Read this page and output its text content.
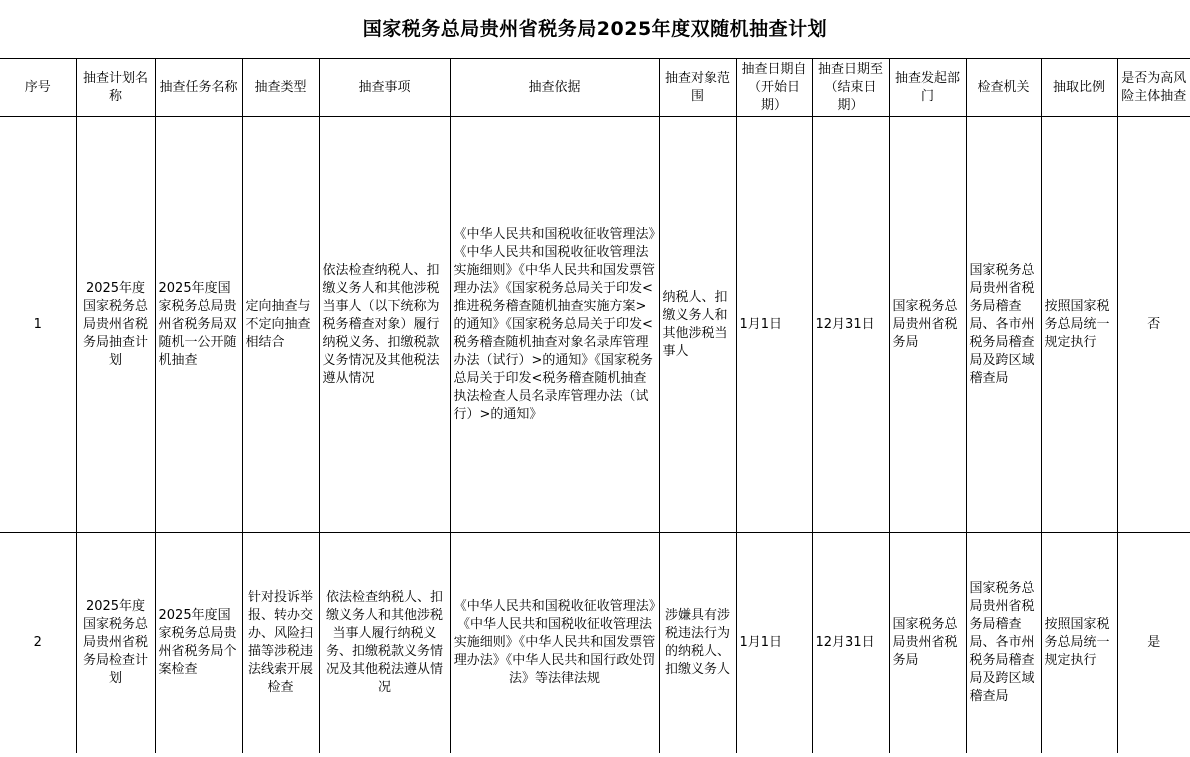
国家税务总局贵州省税务局2025年度双随机抽查计划
序号	抽查计划名称	抽查任务名称	抽查类型	抽查事项	抽查依据	抽查对象范围	抽查日期自（开始日期）	抽查日期至（结束日期）	抽查发起部门	检查机关	抽取比例	是否为高风险主体抽查
1	2025年度国家税务总局贵州省税务局抽查计划	2025年度国家税务总局贵州省税务局双随机一公开随机抽查	定向抽查与不定向抽查相结合	依法检查纳税人、扣缴义务人和其他涉税当事人（以下统称为税务稽查对象）履行纳税义务、扣缴税款义务情况及其他税法遵从情况	《中华人民共和国税收征收管理法》《中华人民共和国税收征收管理法实施细则》《中华人民共和国发票管理办法》《国家税务总局关于印发<推进税务稽查随机抽查实施方案>的通知》《国家税务总局关于印发<税务稽查随机抽查对象名录库管理办法（试行）>的通知》《国家税务总局关于印发<税务稽查随机抽查执法检查人员名录库管理办法（试行）>的通知》	纳税人、扣缴义务人和其他涉税当事人	1月1日	12月31日	国家税务总局贵州省税务局	国家税务总局贵州省税务局稽查局、各市州税务局稽查局及跨区域稽查局	按照国家税务总局统一规定执行	否
2	2025年度国家税务总局贵州省税务局检查计划	2025年度国家税务总局贵州省税务局个案检查	针对投诉举报、转办交办、风险扫描等涉税违法线索开展检查	依法检查纳税人、扣缴义务人和其他涉税当事人履行纳税义务、扣缴税款义务情况及其他税法遵从情况	《中华人民共和国税收征收管理法》《中华人民共和国税收征收管理法实施细则》《中华人民共和国发票管理办法》《中华人民共和国行政处罚法》等法律法规	涉嫌具有涉税违法行为的纳税人、扣缴义务人	1月1日	12月31日	国家税务总局贵州省税务局	国家税务总局贵州省税务局稽查局、各市州税务局稽查局及跨区域稽查局	按照国家税务总局统一规定执行	是
